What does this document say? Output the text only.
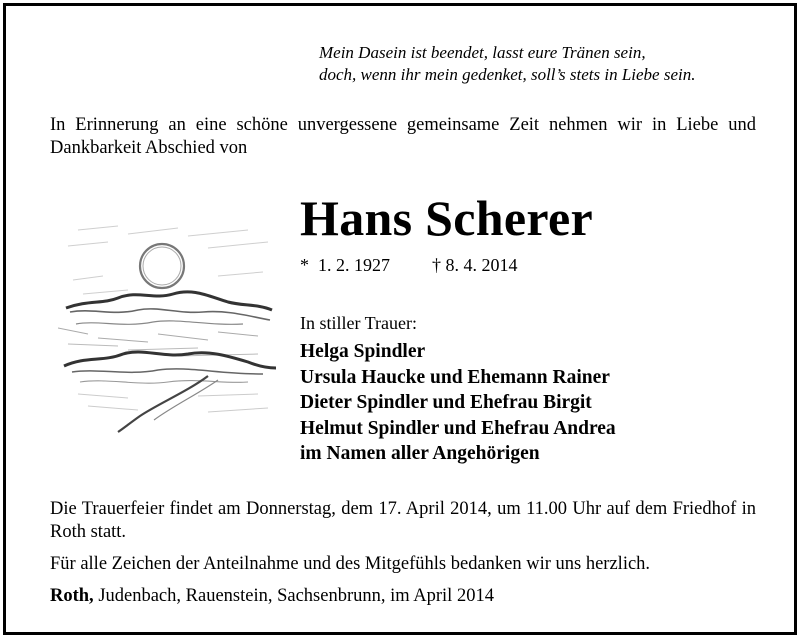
Mein Dasein ist beendet, lasst eure Tränen sein,
doch, wenn ihr mein gedenket, soll’s stets in Liebe sein.
In Erinnerung an eine schöne unvergessene gemeinsame Zeit nehmen wir in Liebe und Dankbarkeit Abschied von
Hans Scherer
*  1. 2. 1927 † 8. 4. 2014
In stiller Trauer:
Helga Spindler
Ursula Haucke und Ehemann Rainer
Dieter Spindler und Ehefrau Birgit
Helmut Spindler und Ehefrau Andrea
im Namen aller Angehörigen
Die Trauerfeier findet am Donnerstag, dem 17. April 2014, um 11.00 Uhr auf dem Friedhof in Roth statt.
Für alle Zeichen der Anteilnahme und des Mitgefühls bedanken wir uns herzlich.
Roth, Judenbach, Rauenstein, Sachsenbrunn, im April 2014
